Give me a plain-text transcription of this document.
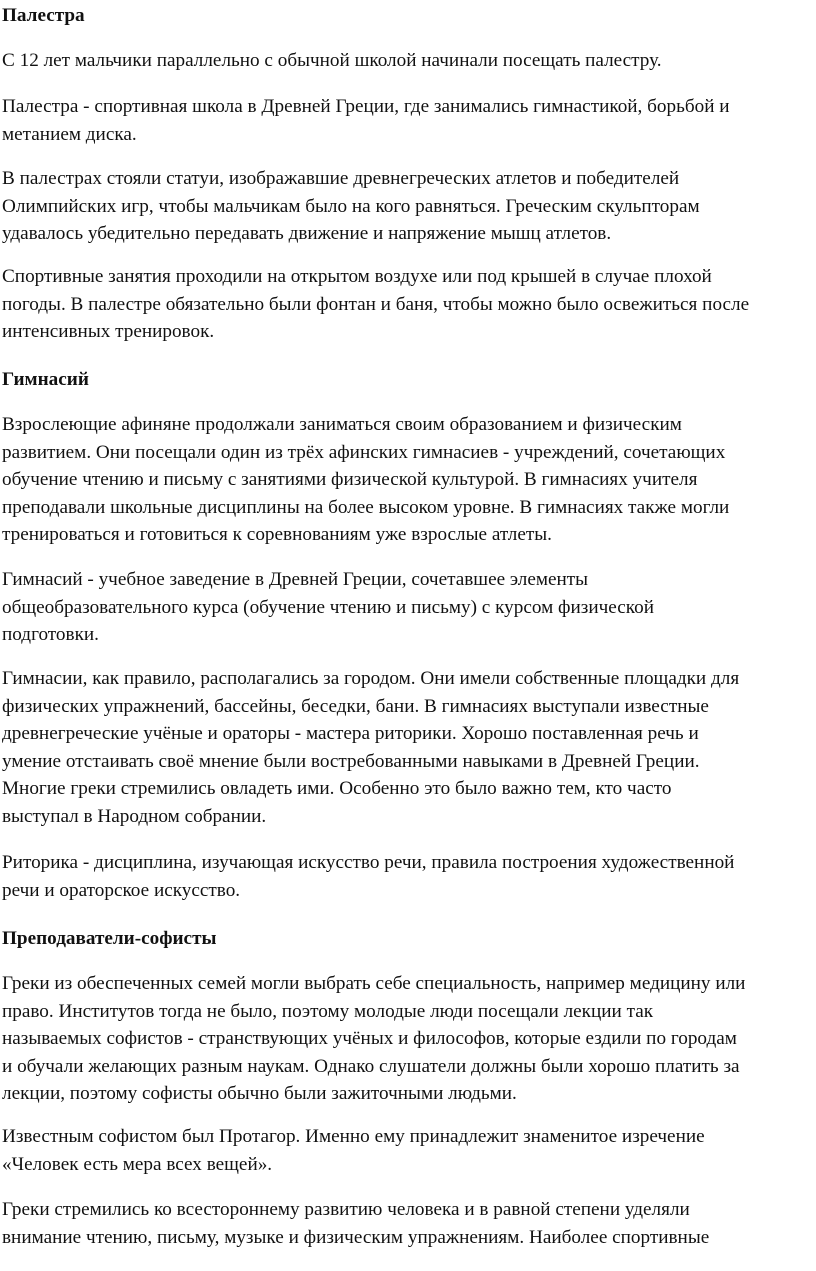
Палестра
С 12 лет мальчики параллельно с обычной школой начинали посещать палестру.
Палестра - спортивная школа в Древней Греции, где занимались гимнастикой, борьбой и
метанием диска.
В палестрах стояли статуи, изображавшие древнегреческих атлетов и победителей
Олимпийских игр, чтобы мальчикам было на кого равняться. Греческим скульпторам
удавалось убедительно передавать движение и напряжение мышц атлетов.
Спортивные занятия проходили на открытом воздухе или под крышей в случае плохой
погоды. В палестре обязательно были фонтан и баня, чтобы можно было освежиться после
интенсивных тренировок.
Гимнасий
Взрослеющие афиняне продолжали заниматься своим образованием и физическим
развитием. Они посещали один из трёх афинских гимнасиев - учреждений, сочетающих
обучение чтению и письму с занятиями физической культурой. В гимнасиях учителя
преподавали школьные дисциплины на более высоком уровне. В гимнасиях также могли
тренироваться и готовиться к соревнованиям уже взрослые атлеты.
Гимнасий - учебное заведение в Древней Греции, сочетавшее элементы
общеобразовательного курса (обучение чтению и письму) с курсом физической
подготовки.
Гимнасии, как правило, располагались за городом. Они имели собственные площадки для
физических упражнений, бассейны, беседки, бани. В гимнасиях выступали известные
древнегреческие учёные и ораторы - мастера риторики. Хорошо поставленная речь и
умение отстаивать своё мнение были востребованными навыками в Древней Греции.
Многие греки стремились овладеть ими. Особенно это было важно тем, кто часто
выступал в Народном собрании.
Риторика - дисциплина, изучающая искусство речи, правила построения художественной
речи и ораторское искусство.
Преподаватели-софисты
Греки из обеспеченных семей могли выбрать себе специальность, например медицину или
право. Институтов тогда не было, поэтому молодые люди посещали лекции так
называемых софистов - странствующих учёных и философов, которые ездили по городам
и обучали желающих разным наукам. Однако слушатели должны были хорошо платить за
лекции, поэтому софисты обычно были зажиточными людьми.
Известным софистом был Протагор. Именно ему принадлежит знаменитое изречение
«Человек есть мера всех вещей».
Греки стремились ко всестороннему развитию человека и в равной степени уделяли
внимание чтению, письму, музыке и физическим упражнениям. Наиболее спортивные
